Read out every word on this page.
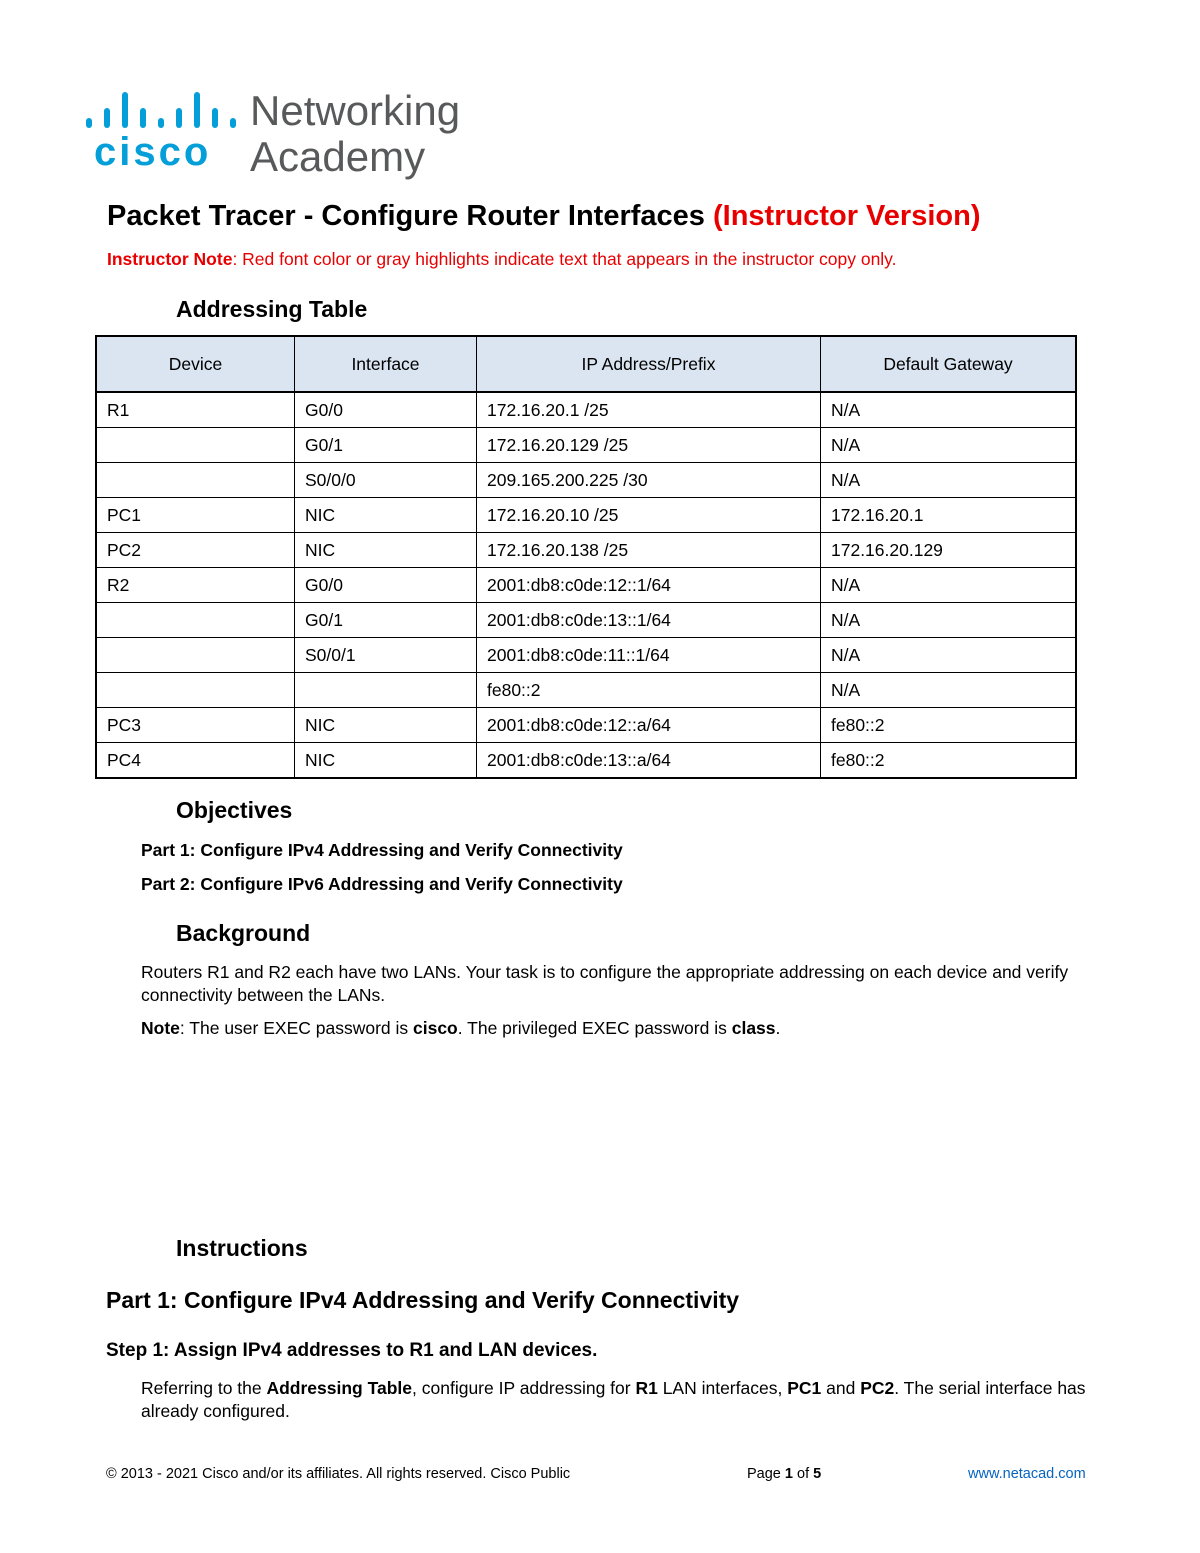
cisco
Networking
Academy
Packet Tracer - Configure Router Interfaces (Instructor Version)
Instructor Note: Red font color or gray highlights indicate text that appears in the instructor copy only.
Addressing Table
Device	Interface	IP Address/Prefix	Default Gateway
R1	G0/0	172.16.20.1 /25	N/A
	G0/1	172.16.20.129 /25	N/A
	S0/0/0	209.165.200.225 /30	N/A
PC1	NIC	172.16.20.10 /25	172.16.20.1
PC2	NIC	172.16.20.138 /25	172.16.20.129
R2	G0/0	2001:db8:c0de:12::1/64	N/A
	G0/1	2001:db8:c0de:13::1/64	N/A
	S0/0/1	2001:db8:c0de:11::1/64	N/A
		fe80::2	N/A
PC3	NIC	2001:db8:c0de:12::a/64	fe80::2
PC4	NIC	2001:db8:c0de:13::a/64	fe80::2
Objectives
Part 1: Configure IPv4 Addressing and Verify Connectivity
Part 2: Configure IPv6 Addressing and Verify Connectivity
Background
Routers R1 and R2 each have two LANs. Your task is to configure the appropriate addressing on each device and verify connectivity between the LANs.
Note: The user EXEC password is cisco. The privileged EXEC password is class.
Instructions
Part 1: Configure IPv4 Addressing and Verify Connectivity
Step 1: Assign IPv4 addresses to R1 and LAN devices.
Referring to the Addressing Table, configure IP addressing for R1 LAN interfaces, PC1 and PC2. The serial interface has already configured.
© 2013 - 2021 Cisco and/or its affiliates. All rights reserved. Cisco Public	Page 1 of 5	www.netacad.com
